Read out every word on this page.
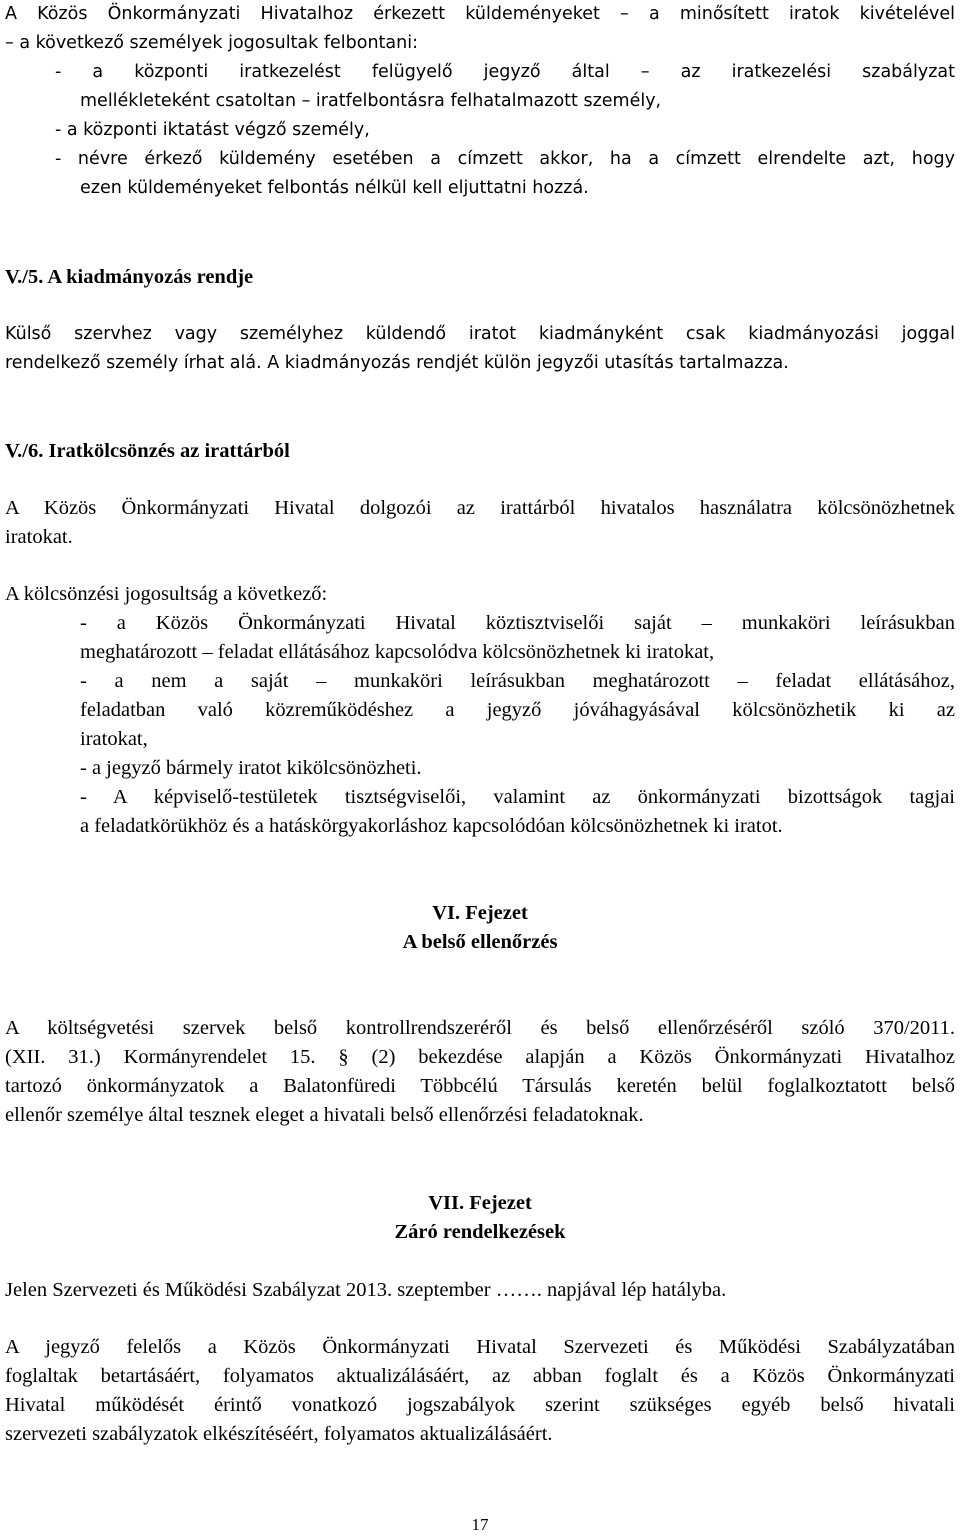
A Közös Önkormányzati Hivatalhoz érkezett küldeményeket – a minősített iratok kivételével
– a következő személyek jogosultak felbontani:
- a központi iratkezelést felügyelő jegyző által – az iratkezelési szabályzat
mellékleteként csatoltan – iratfelbontásra felhatalmazott személy,
- a központi iktatást végző személy,
- névre érkező küldemény esetében a címzett akkor, ha a címzett elrendelte azt, hogy
ezen küldeményeket felbontás nélkül kell eljuttatni hozzá.
V./5. A kiadmányozás rendje
Külső szervhez vagy személyhez küldendő iratot kiadmányként csak kiadmányozási joggal
rendelkező személy írhat alá. A kiadmányozás rendjét külön jegyzői utasítás tartalmazza.
V./6. Iratkölcsönzés az irattárból
A Közös Önkormányzati Hivatal dolgozói az irattárból hivatalos használatra kölcsönözhetnek
iratokat.
A kölcsönzési jogosultság a következő:
- a Közös Önkormányzati Hivatal köztisztviselői saját – munkaköri leírásukban
meghatározott – feladat ellátásához kapcsolódva kölcsönözhetnek ki iratokat,
- a nem a saját – munkaköri leírásukban meghatározott – feladat ellátásához,
feladatban való közreműködéshez a jegyző jóváhagyásával kölcsönözhetik ki az
iratokat,
- a jegyző bármely iratot kikölcsönözheti.
- A képviselő-testületek tisztségviselői, valamint az önkormányzati bizottságok tagjai
a feladatkörükhöz és a hatáskörgyakorláshoz kapcsolódóan kölcsönözhetnek ki iratot.
VI. Fejezet
A belső ellenőrzés
A költségvetési szervek belső kontrollrendszeréről és belső ellenőrzéséről szóló 370/2011.
(XII. 31.) Kormányrendelet 15. § (2) bekezdése alapján a Közös Önkormányzati Hivatalhoz
tartozó önkormányzatok a Balatonfüredi Többcélú Társulás keretén belül foglalkoztatott belső
ellenőr személye által tesznek eleget a hivatali belső ellenőrzési feladatoknak.
VII. Fejezet
Záró rendelkezések
Jelen Szervezeti és Működési Szabályzat 2013. szeptember ……. napjával lép hatályba.
A jegyző felelős a Közös Önkormányzati Hivatal Szervezeti és Működési Szabályzatában
foglaltak betartásáért, folyamatos aktualizálásáért, az abban foglalt és a Közös Önkormányzati
Hivatal működését érintő vonatkozó jogszabályok szerint szükséges egyéb belső hivatali
szervezeti szabályzatok elkészítéséért, folyamatos aktualizálásáért.
17
